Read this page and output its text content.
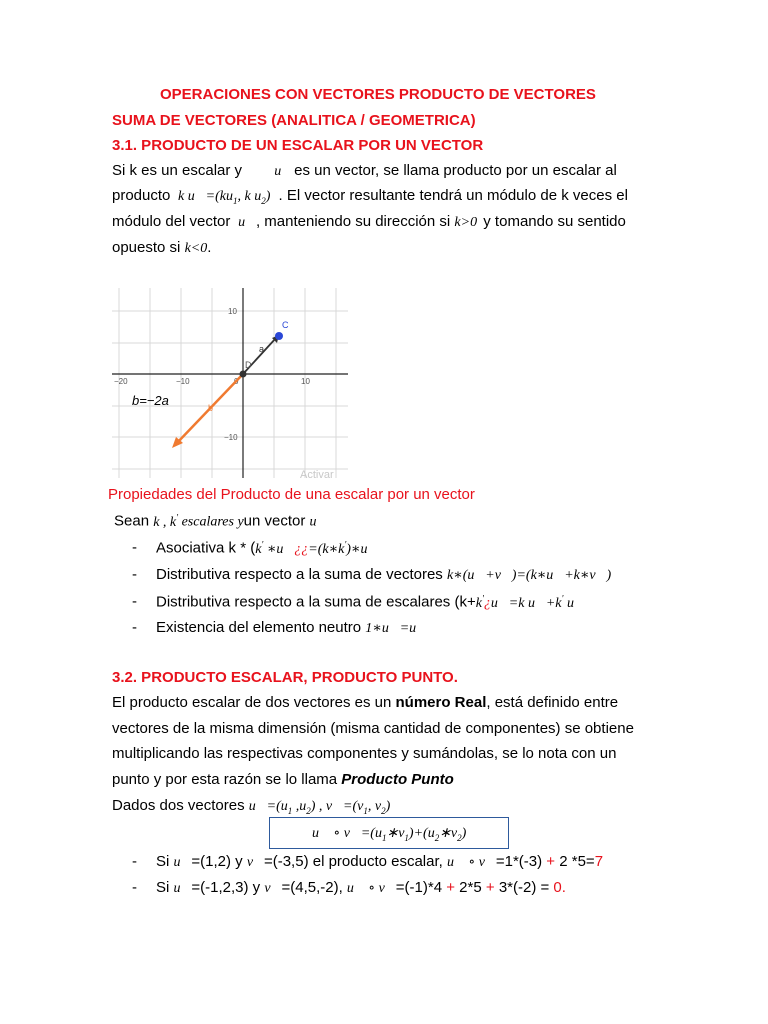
OPERACIONES CON VECTORES PRODUCTO DE VECTORES
SUMA DE VECTORES (ANALITICA / GEOMETRICA)
3.1. PRODUCTO DE UN ESCALAR POR UN VECTOR
Si k es un escalar y u⃗ es un vector, se llama producto por un escalar al
producto  k $u⃗=(ku_1$, k $u_2$) . El vector resultante tendrá un módulo de k veces el
módulo del vector  u⃗, manteniendo su dirección si k>0 y tomando su sentido
opuesto si k<0.
−20	−10	10
10
−10
C
D
a
b
b=−2a
Activar
Propiedades del Producto de una escalar por un vector
Sean k , k' escalares yun vector u⃗
- Asociativa k * (k' ∗u⃗¿¿=(k∗k')∗u⃗
- Distributiva respecto a la suma de vectores k∗(u⃗+v⃗)=(k∗u⃗+k∗v⃗)
- Distributiva respecto a la suma de escalares (k+k'¿u⃗=k u⃗+k' u⃗
- Existencia del elemento neutro 1∗u⃗=u⃗
3.2. PRODUCTO ESCALAR, PRODUCTO PUNTO.
El producto escalar de dos vectores es un número Real, está definido entre
vectores de la misma dimensión (misma cantidad de componentes) se obtiene
multiplicando las respectivas componentes y sumándolas, se lo nota con un
punto y por esta razón se lo llama Producto Punto
Dados dos vectores $u⃗=(u_1$ $,u_2$) , $v⃗=(v_1$, $v_2$)
u⃗ ∘ $v⃗=(u_1∗v_1)+(u_2∗v_2)$
- Si u⃗=(1,2) y v⃗=(-3,5) el producto escalar, u⃗ ∘ v⃗=1*(-3) + 2 *5=7
- Si u⃗=(-1,2,3) y v⃗=(4,5,-2), u⃗ ∘ v⃗=(-1)*4 + 2*5 + 3*(-2) = 0.
